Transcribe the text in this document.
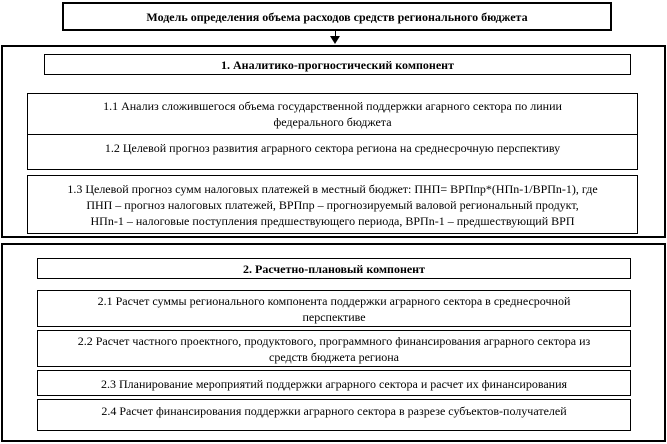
Модель определения объема расходов средств регионального бюджета
1. Аналитико-прогностический компонент
1.1 Анализ сложившегося объема государственной поддержки агарного сектора по линии
федерального бюджета
1.2 Целевой прогноз развития аграрного сектора региона на среднесрочную перспективу
1.3 Целевой прогноз сумм налоговых платежей в местный бюджет: ПНП= ВРПпр*(НПn-1/ВРПn-1), где
ПНП – прогноз налоговых платежей, ВРПпр – прогнозируемый валовой региональный продукт,
НПn-1 – налоговые поступления предшествующего периода, ВРПn-1 – предшествующий ВРП
2. Расчетно-плановый компонент
2.1 Расчет суммы регионального компонента поддержки аграрного сектора в среднесрочной
перспективе
2.2 Расчет частного проектного, продуктового, программного финансирования аграрного сектора из
средств бюджета региона
2.3 Планирование мероприятий поддержки аграрного сектора и расчет их финансирования
2.4 Расчет финансирования поддержки аграрного сектора в разрезе субъектов-получателей
